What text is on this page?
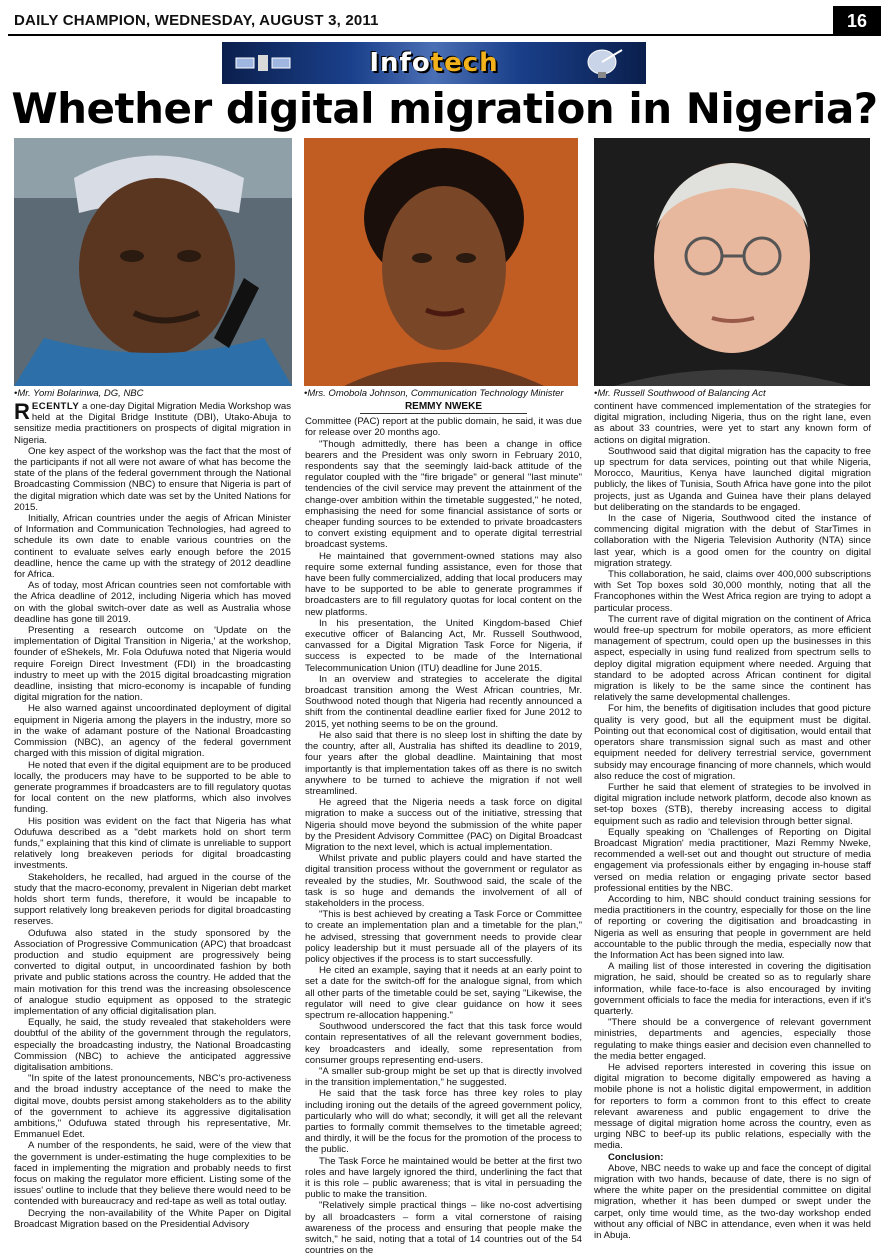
DAILY CHAMPION, WEDNESDAY, AUGUST 3, 2011	16
Infotech
Whether digital migration in Nigeria?
•Mr. Yomi Bolarinwa, DG, NBC	•Mrs. Omobola Johnson, Communication Technology Minister	•Mr. Russell Southwood of Balancing Act

RECENTLY a one-day Digital Migration Media Workshop was held at the Digital Bridge Institute (DBI), Utako-Abuja to sensitize media practitioners on prospects of digital migration in Nigeria.

One key aspect of the workshop was the fact that the most of the participants if not all were not aware of what has become the state of the plans of the federal government through the National Broadcasting Commission (NBC) to ensure that Nigeria is part of the digital migration which date was set by the United Nations for 2015.

Initially, African countries under the aegis of African Minister of Information and Communication Technologies, had agreed to schedule its own date to enable various countries on the continent to evaluate selves early enough before the 2015 deadline, hence the came up with the strategy of 2012 deadline for Africa.

As of today, most African countries seen not comfortable with the Africa deadline of 2012, including Nigeria which has moved on with the global switch-over date as well as Australia whose deadline has gone till 2019.

Presenting a research outcome on 'Update on the implementation of Digital Transition in Nigeria,' at the workshop, founder of eShekels, Mr. Fola Odufuwa noted that Nigeria would require Foreign Direct Investment (FDI) in the broadcasting industry to meet up with the 2015 digital broadcasting migration deadline, insisting that micro-economy is incapable of funding digital migration for the nation.

He also warned against uncoordinated deployment of digital equipment in Nigeria among the players in the industry, more so in the wake of adamant posture of the National Broadcasting Commission (NBC), an agency of the federal government charged with this mission of digital migration.

He noted that even if the digital equipment are to be produced locally, the producers may have to be supported to be able to generate programmes if broadcasters are to fill regulatory quotas for local content on the new platforms, which also involves funding.

His position was evident on the fact that Nigeria has what Odufuwa described as a "debt markets hold on short term funds," explaining that this kind of climate is unreliable to support relatively long breakeven periods for digital broadcasting investments.

Stakeholders, he recalled, had argued in the course of the study that the macro-economy, prevalent in Nigerian debt market holds short term funds, therefore, it would be incapable to support relatively long breakeven periods for digital broadcasting reserves.

Odufuwa also stated in the study sponsored by the Association of Progressive Communication (APC) that broadcast production and studio equipment are progressively being converted to digital output, in uncoordinated fashion by both private and public stations across the country. He added that the main motivation for this trend was the increasing obsolescence of analogue studio equipment as opposed to the strategic implementation of any official digitalisation plan.

Equally, he said, the study revealed that stakeholders were doubtful of the ability of the government through the regulators, especially the broadcasting industry, the National Broadcasting Commission (NBC) to achieve the anticipated aggressive digitalisation ambitions.

"In spite of the latest pronouncements, NBC's pro-activeness and the broad industry acceptance of the need to make the digital move, doubts persist among stakeholders as to the ability of the government to achieve its aggressive digitalisation ambitions," Odufuwa stated through his representative, Mr. Emmanuel Edet.

A number of the respondents, he said, were of the view that the government is under-estimating the huge complexities to be faced in implementing the migration and probably needs to first focus on making the regulator more efficient. Listing some of the issues' outline to include that they believe there would need to be contended with bureaucracy and red-tape as well as total outlay.

Decrying the non-availability of the White Paper on Digital Broadcast Migration based on the Presidential Advisory

REMMY NWEKE

Committee (PAC) report at the public domain, he said, it was due for release over 20 months ago.

"Though admittedly, there has been a change in office bearers and the President was only sworn in February 2010, respondents say that the seemingly laid-back attitude of the regulator coupled with the "fire brigade" or general "last minute" tendencies of the civil service may prevent the attainment of the change-over ambition within the timetable suggested," he noted, emphasising the need for some financial assistance of sorts or cheaper funding sources to be extended to private broadcasters to convert existing equipment and to operate digital terrestrial broadcast systems.

He maintained that government-owned stations may also require some external funding assistance, even for those that have been fully commercialized, adding that local producers may have to be supported to be able to generate programmes if broadcasters are to fill regulatory quotas for local content on the new platforms.

In his presentation, the United Kingdom-based Chief executive officer of Balancing Act, Mr. Russell Southwood, canvassed for a Digital Migration Task Force for Nigeria, if success is expected to be made of the International Telecommunication Union (ITU) deadline for June 2015.

In an overview and strategies to accelerate the digital broadcast transition among the West African countries, Mr. Southwood noted though that Nigeria had recently announced a shift from the continental deadline earlier fixed for June 2012 to 2015, yet nothing seems to be on the ground.

He also said that there is no sleep lost in shifting the date by the country, after all, Australia has shifted its deadline to 2019, four years after the global deadline. Maintaining that most importantly is that implementation takes off as there is no switch anywhere to be turned to achieve the migration if not well streamlined.

He agreed that the Nigeria needs a task force on digital migration to make a success out of the initiative, stressing that Nigeria should move beyond the submission of the white paper by the President Advisory Committee (PAC) on Digital Broadcast Migration to the next level, which is actual implementation.

Whilst private and public players could and have started the digital transition process without the government or regulator as revealed by the studies, Mr. Southwood said, the scale of the task is so huge and demands the involvement of all of stakeholders in the process.

"This is best achieved by creating a Task Force or Committee to create an implementation plan and a timetable for the plan," he advised, stressing that government needs to provide clear policy leadership but it must persuade all of the players of its policy objectives if the process is to start successfully.

He cited an example, saying that it needs at an early point to set a date for the switch-off for the analogue signal, from which all other parts of the timetable could be set, saying "Likewise, the regulator will need to give clear guidance on how it sees spectrum re-allocation happening."

Southwood underscored the fact that this task force would contain representatives of all the relevant government bodies, key broadcasters and ideally, some representation from consumer groups representing end-users.

"A smaller sub-group might be set up that is directly involved in the transition implementation," he suggested.

He said that the task force has three key roles to play including ironing out the details of the agreed government policy, particularly who will do what; secondly, it will get all the relevant parties to formally commit themselves to the timetable agreed; and thirdly, it will be the focus for the promotion of the process to the public.

The Task Force he maintained would be better at the first two roles and have largely ignored the third, underlining the fact that it is this role – public awareness; that is vital in persuading the public to make the transition.

"Relatively simple practical things – like no-cost advertising by all broadcasters – form a vital cornerstone of raising awareness of the process and ensuring that people make the switch," he said, noting that a total of 14 countries out of the 54 countries on the

continent have commenced implementation of the strategies for digital migration, including Nigeria, thus on the right lane, even as about 33 countries, were yet to start any known form of actions on digital migration.

Southwood said that digital migration has the capacity to free up spectrum for data services, pointing out that while Nigeria, Morocco, Mauritius, Kenya have launched digital migration publicly, the likes of Tunisia, South Africa have gone into the pilot projects, just as Uganda and Guinea have their plans delayed but deliberating on the standards to be engaged.

In the case of Nigeria, Southwood cited the instance of commencing digital migration with the debut of StarTimes in collaboration with the Nigeria Television Authority (NTA) since last year, which is a good omen for the country on digital migration strategy.

This collaboration, he said, claims over 400,000 subscriptions with Set Top boxes sold 30,000 monthly, noting that all the Francophones within the West Africa region are trying to adopt a particular process.

The current rave of digital migration on the continent of Africa would free-up spectrum for mobile operators, as more efficient management of spectrum, could open up the businesses in this aspect, especially in using fund realized from spectrum sells to deploy digital migration equipment where needed. Arguing that standard to be adopted across African continent for digital migration is likely to be the same since the continent has relatively the same developmental challenges.

For him, the benefits of digitisation includes that good picture quality is very good, but all the equipment must be digital. Pointing out that economical cost of digitisation, would entail that operators share transmission signal such as mast and other equipment needed for delivery terrestrial service, government subsidy may encourage financing of more channels, which would also reduce the cost of migration.

Further he said that element of strategies to be involved in digital migration include network platform, decode also known as set-top boxes (STB), thereby increasing access to digital equipment such as radio and television through better signal.

Equally speaking on 'Challenges of Reporting on Digital Broadcast Migration' media practitioner, Mazi Remmy Nweke, recommended a well-set out and thought out structure of media engagement via professionals either by engaging in-house staff versed on media relation or engaging private sector based professional entities by the NBC.

According to him, NBC should conduct training sessions for media practitioners in the country, especially for those on the line of reporting or covering the digitisation and broadcasting in Nigeria as well as ensuring that people in government are held accountable to the public through the media, especially now that the Information Act has been signed into law.

A mailing list of those interested in covering the digitisation migration, he said, should be created so as to regularly share information, while face-to-face is also encouraged by inviting government officials to face the media for interactions, even if it's quarterly.

"There should be a convergence of relevant government ministries, departments and agencies, especially those regulating to make things easier and decision even channelled to the media better engaged.

He advised reporters interested in covering this issue on digital migration to become digitally empowered as having a mobile phone is not a holistic digital empowerment, in addition for reporters to form a common front to this effect to create relevant awareness and public engagement to drive the message of digital migration home across the country, even as urging NBC to beef-up its public relations, especially with the media.

Conclusion:

Above, NBC needs to wake up and face the concept of digital migration with two hands, because of date, there is no sign of where the white paper on the presidential committee on digital migration, whether it has been dumped or swept under the carpet, only time would time, as the two-day workshop ended without any official of NBC in attendance, even when it was held in Abuja.
